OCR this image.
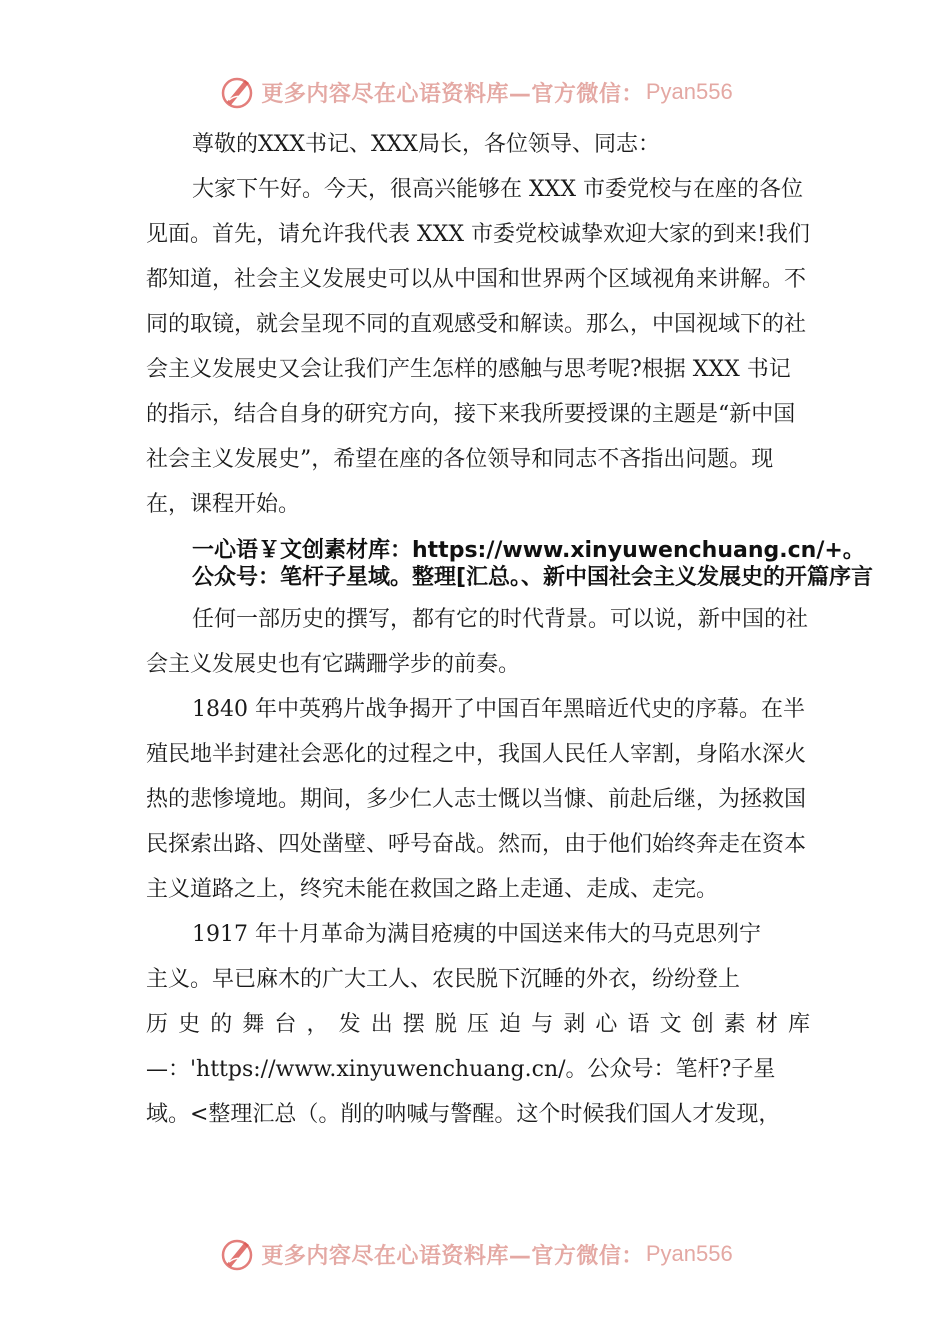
更多内容尽在心语资料库—官方微信： Pyan556

尊敬的XXX书记、XXX局长，各位领导、同志：

大家下午好。今天，很高兴能够在 XXX 市委党校与在座的各位见面。首先，请允许我代表 XXX 市委党校诚挚欢迎大家的到来!我们都知道，社会主义发展史可以从中国和世界两个区域视角来讲解。不同的取镜，就会呈现不同的直观感受和解读。那么，中国视域下的社会主义发展史又会让我们产生怎样的感触与思考呢?根据 XXX 书记的指示，结合自身的研究方向，接下来我所要授课的主题是“新中国社会主义发展史”，希望在座的各位领导和同志不吝指出问题。现在，课程开始。

一心语￥文创素材库：https://www.xinyuwenchuang.cn/+。公众号：笔杆子星域。整理[汇总。、新中国社会主义发展史的开篇序言

任何一部历史的撰写，都有它的时代背景。可以说，新中国的社会主义发展史也有它蹒跚学步的前奏。

1840 年中英鸦片战争揭开了中国百年黑暗近代史的序幕。在半殖民地半封建社会恶化的过程之中，我国人民任人宰割，身陷水深火热的悲惨境地。期间，多少仁人志士慨以当慷、前赴后继，为拯救国民探索出路、四处凿壁、呼号奋战。然而，由于他们始终奔走在资本主义道路之上，终究未能在救国之路上走通、走成、走完。

1917 年十月革命为满目疮痍的中国送来伟大的马克思列宁

主义。早已麻木的广大工人、农民脱下沉睡的外衣，纷纷登上

历史的舞台，发出摆脱压迫与剥心语文创素材库

—：'https://www.xinyuwenchuang.cn/。公众号：笔杆?子星

域。<整理汇总（。削的呐喊与警醒。这个时候我们国人才发现，

更多内容尽在心语资料库—官方微信： Pyan556
